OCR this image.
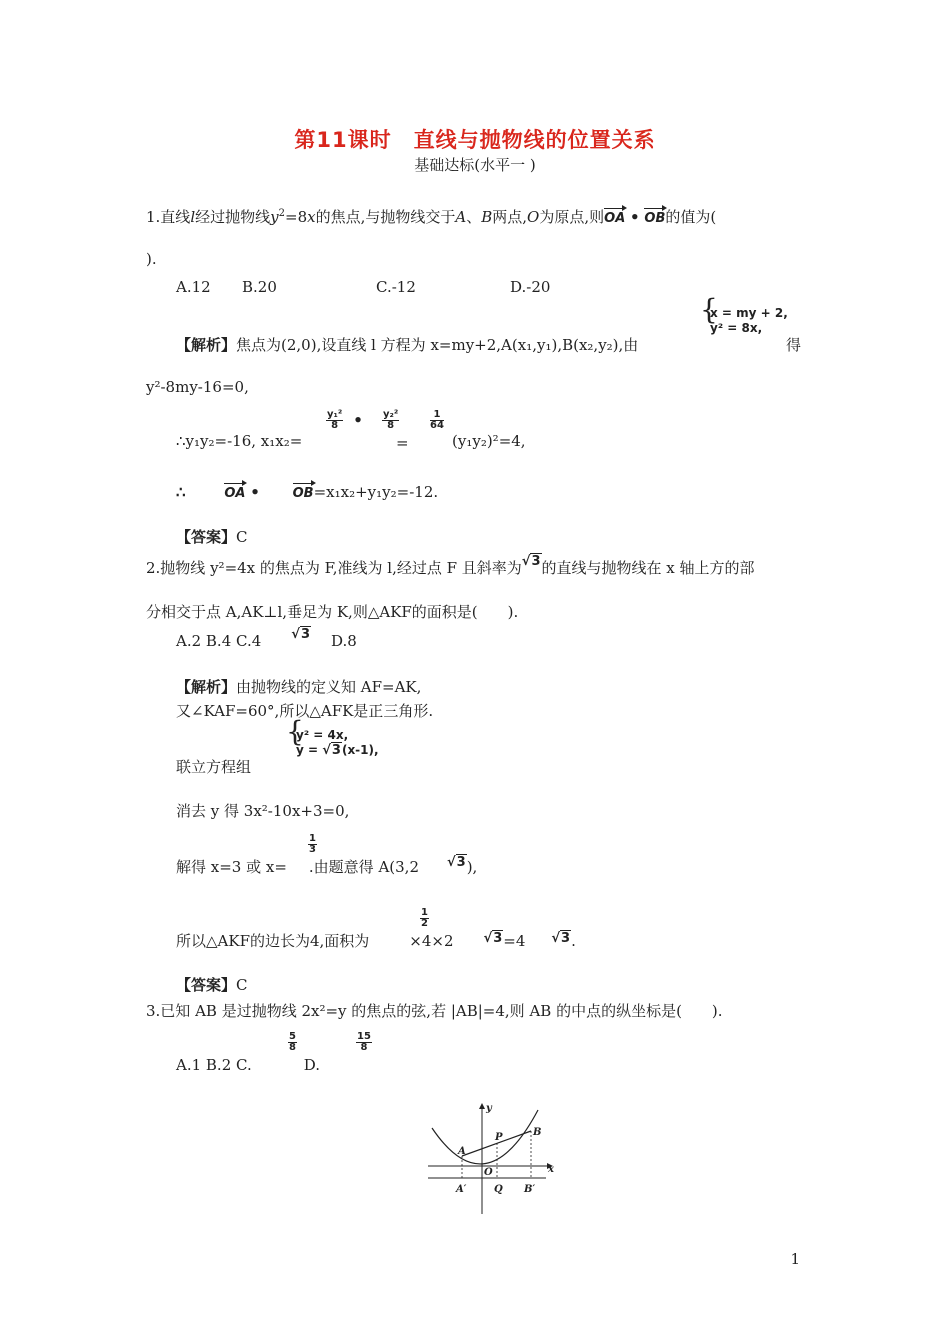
第11课时　直线与抛物线的位置关系
基础达标(水平一 )
1.直线l经过抛物线$y^2=8x$的焦点,与抛物线交于A、B两点,O为原点,则OA • OB的值为(
).
A.12 B.20	C.-12	D.-20
【解析】焦点为(2,0),设直线 l 方程为 x=my+2,A(x₁,y₁),B(x₂,y₂),由
{
x = my + 2,
y² = 8x,
得
y²-8my-16=0,
∴y₁y₂=-16, x₁x₂=
$\frac{\text{y₁²}}{8}$ • $\frac{\text{y₂²}}{8}$
=
$\frac{1}{64}$
(y₁y₂)²=4,
∴	OA •	OB=x₁x₂+y₁y₂=-12.
【答案】C
2.抛物线 y²=4x 的焦点为 F,准线为 l,经过点 F 且斜率为√3的直线与抛物线在 x 轴上方的部
分相交于点 A,AK⊥l,垂足为 K,则△AKF的面积是(　　).
A.2 B.4 C.4 √3 D.8
【解析】由抛物线的定义知 AF=AK,
又∠KAF=60°,所以△AFK是正三角形.
联立方程组
{
y² = 4x,
y = √3(x-1),
消去 y 得 3x²-10x+3=0,
解得 x=3 或 x= .由题意得 A(3,2 √3),
$\frac{1}{3}$
所以△AKF的边长为4,面积为	×4×2 √3=4 √3.
$\frac{1}{2}$
【答案】C
3.已知 AB 是过抛物线 2x²=y 的焦点的弦,若 |AB|=4,则 AB 的中点的纵坐标是(　　).
A.1 B.2 C.	D.
$\frac{5}{8}$	$\frac{15}{8}$
y
x
A
B
P
O
A′	Q B′
1
